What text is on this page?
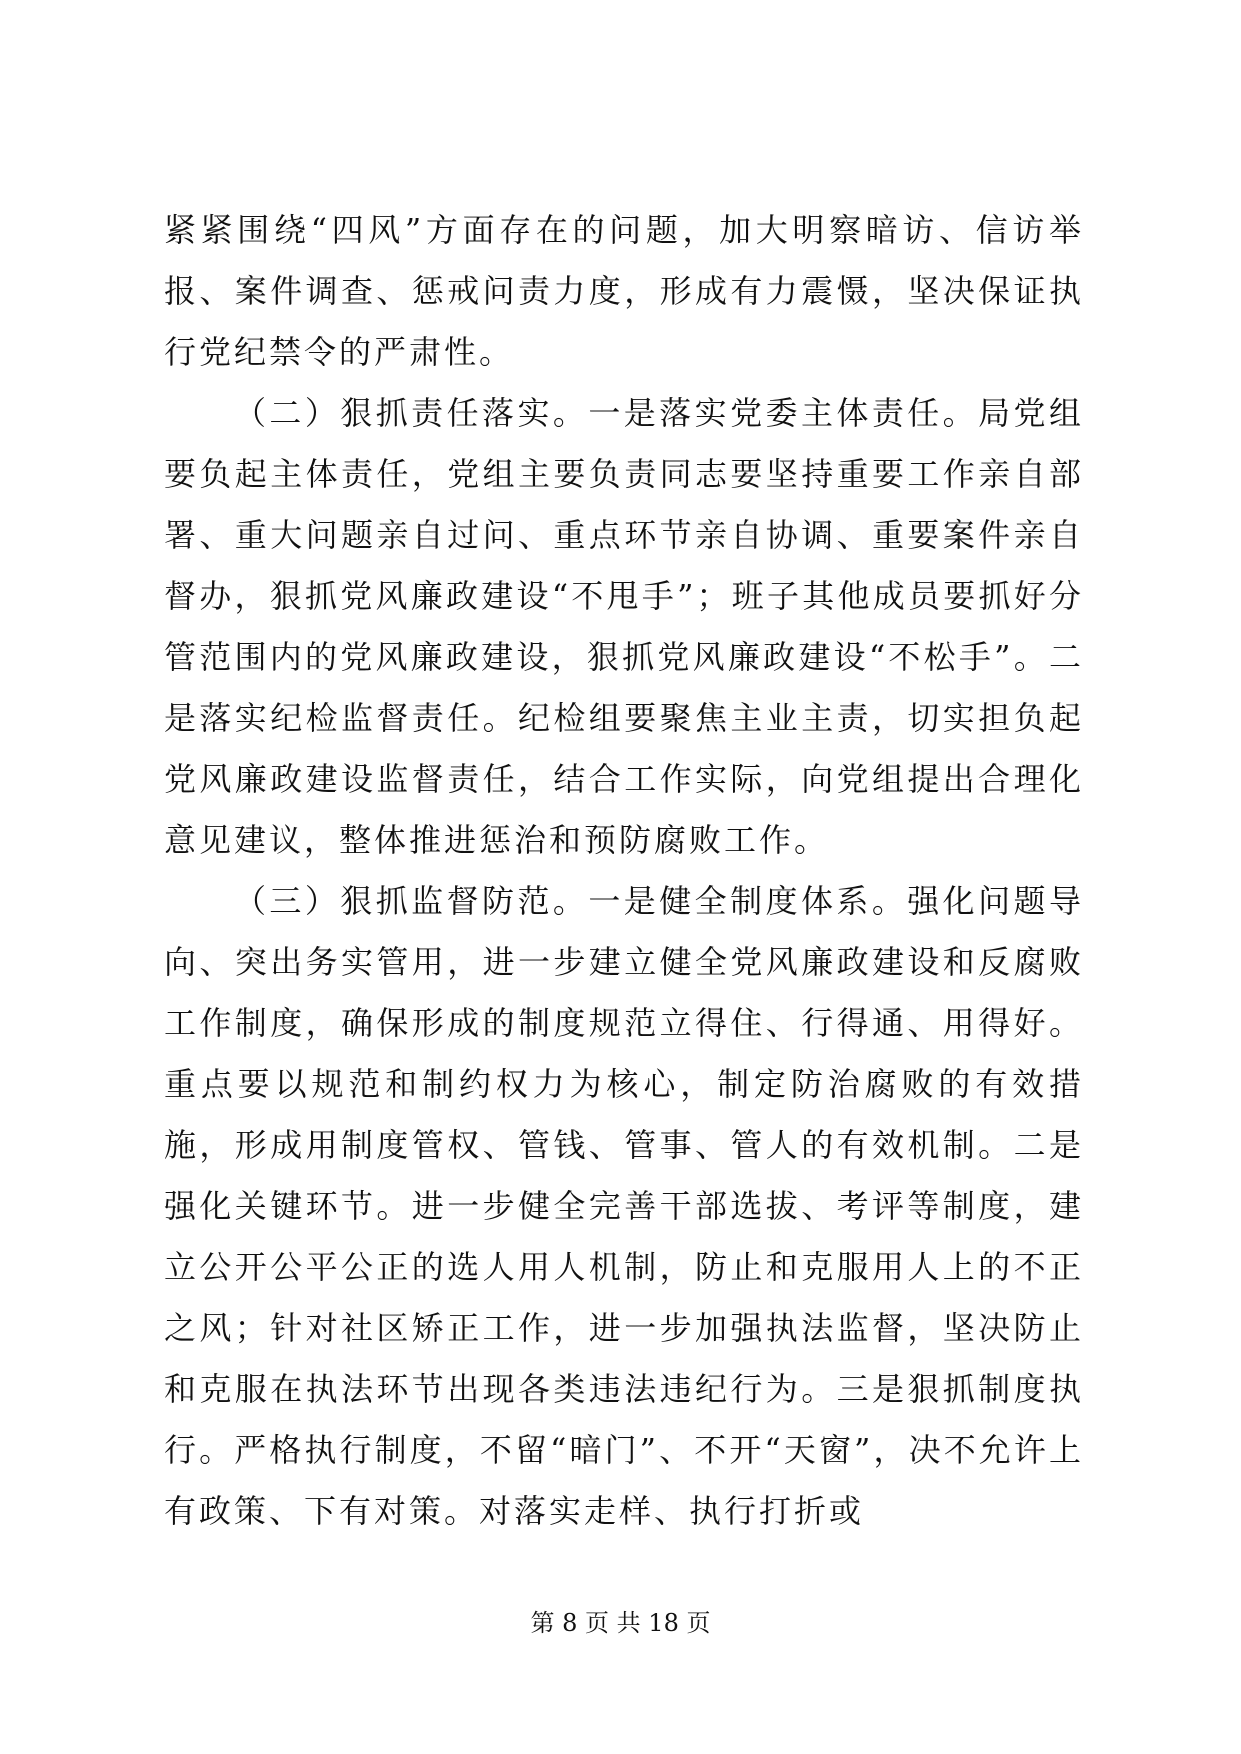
紧紧围绕“四风”方面存在的问题，加大明察暗访、信访举报、案件调查、惩戒问责力度，形成有力震慑，坚决保证执行党纪禁令的严肃性。

（二）狠抓责任落实。一是落实党委主体责任。局党组要负起主体责任，党组主要负责同志要坚持重要工作亲自部署、重大问题亲自过问、重点环节亲自协调、重要案件亲自督办，狠抓党风廉政建设“不甩手”；班子其他成员要抓好分管范围内的党风廉政建设，狠抓党风廉政建设“不松手”。二是落实纪检监督责任。纪检组要聚焦主业主责，切实担负起党风廉政建设监督责任，结合工作实际，向党组提出合理化意见建议，整体推进惩治和预防腐败工作。

（三）狠抓监督防范。一是健全制度体系。强化问题导向、突出务实管用，进一步建立健全党风廉政建设和反腐败工作制度，确保形成的制度规范立得住、行得通、用得好。重点要以规范和制约权力为核心，制定防治腐败的有效措施，形成用制度管权、管钱、管事、管人的有效机制。二是强化关键环节。进一步健全完善干部选拔、考评等制度，建立公开公平公正的选人用人机制，防止和克服用人上的不正之风；针对社区矫正工作，进一步加强执法监督，坚决防止和克服在执法环节出现各类违法违纪行为。三是狠抓制度执行。严格执行制度，不留“暗门”、不开“天窗”，决不允许上有政策、下有对策。对落实走样、执行打折或

第 8 页 共 18 页
